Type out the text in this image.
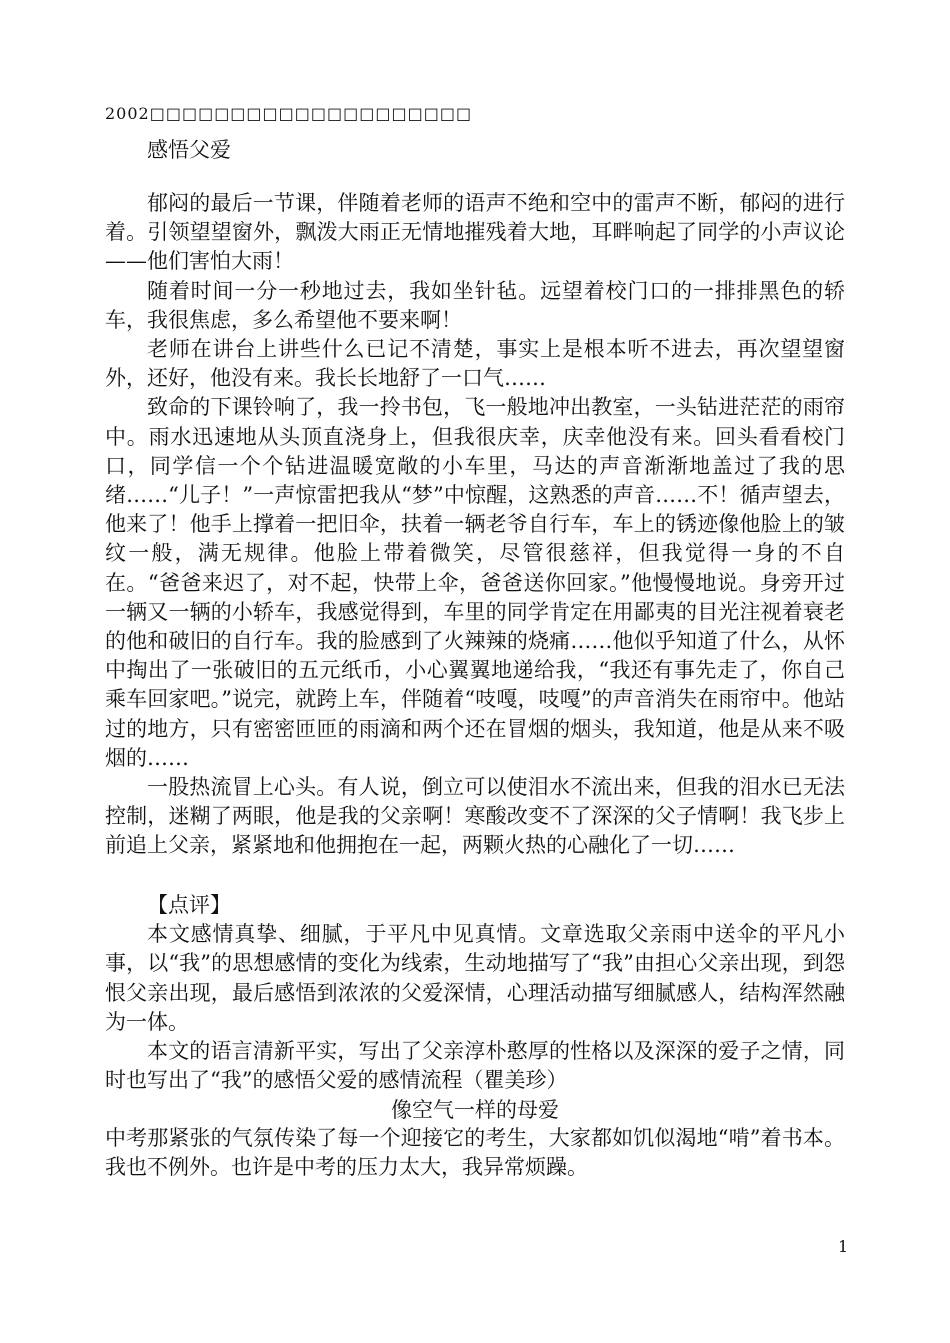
2002□□□□□□□□□□□□□□□□□□□□
感悟父爱

郁闷的最后一节课，伴随着老师的语声不绝和空中的雷声不断，郁闷的进行着。引领望望窗外，飘泼大雨正无情地摧残着大地，耳畔响起了同学的小声议论——他们害怕大雨！

随着时间一分一秒地过去，我如坐针毡。远望着校门口的一排排黑色的轿车，我很焦虑，多么希望他不要来啊！

老师在讲台上讲些什么已记不清楚，事实上是根本听不进去，再次望望窗外，还好，他没有来。我长长地舒了一口气……

致命的下课铃响了，我一拎书包，飞一般地冲出教室，一头钻进茫茫的雨帘中。雨水迅速地从头顶直浇身上，但我很庆幸，庆幸他没有来。回头看看校门口，同学信一个个钻进温暖宽敞的小车里，马达的声音渐渐地盖过了我的思绪……“儿子！”一声惊雷把我从“梦”中惊醒，这熟悉的声音……不！循声望去，他来了！他手上撑着一把旧伞，扶着一辆老爷自行车，车上的锈迹像他脸上的皱纹一般，满无规律。他脸上带着微笑，尽管很慈祥，但我觉得一身的不自在。“爸爸来迟了，对不起，快带上伞，爸爸送你回家。”他慢慢地说。身旁开过一辆又一辆的小轿车，我感觉得到，车里的同学肯定在用鄙夷的目光注视着衰老的他和破旧的自行车。我的脸感到了火辣辣的烧痛……他似乎知道了什么，从怀中掏出了一张破旧的五元纸币，小心翼翼地递给我，“我还有事先走了，你自己乘车回家吧。”说完，就跨上车，伴随着“吱嘎，吱嘎”的声音消失在雨帘中。他站过的地方，只有密密匝匝的雨滴和两个还在冒烟的烟头，我知道，他是从来不吸烟的……

一股热流冒上心头。有人说，倒立可以使泪水不流出来，但我的泪水已无法控制，迷糊了两眼，他是我的父亲啊！寒酸改变不了深深的父子情啊！我飞步上前追上父亲，紧紧地和他拥抱在一起，两颗火热的心融化了一切……

【点评】

本文感情真挚、细腻，于平凡中见真情。文章选取父亲雨中送伞的平凡小事，以“我”的思想感情的变化为线索，生动地描写了“我”由担心父亲出现，到怨恨父亲出现，最后感悟到浓浓的父爱深情，心理活动描写细腻感人，结构浑然融为一体。

本文的语言清新平实，写出了父亲淳朴憨厚的性格以及深深的爱子之情，同时也写出了“我”的感悟父爱的感情流程（瞿美珍）

像空气一样的母爱

中考那紧张的气氛传染了每一个迎接它的考生，大家都如饥似渴地“啃”着书本。我也不例外。也许是中考的压力太大，我异常烦躁。

1
